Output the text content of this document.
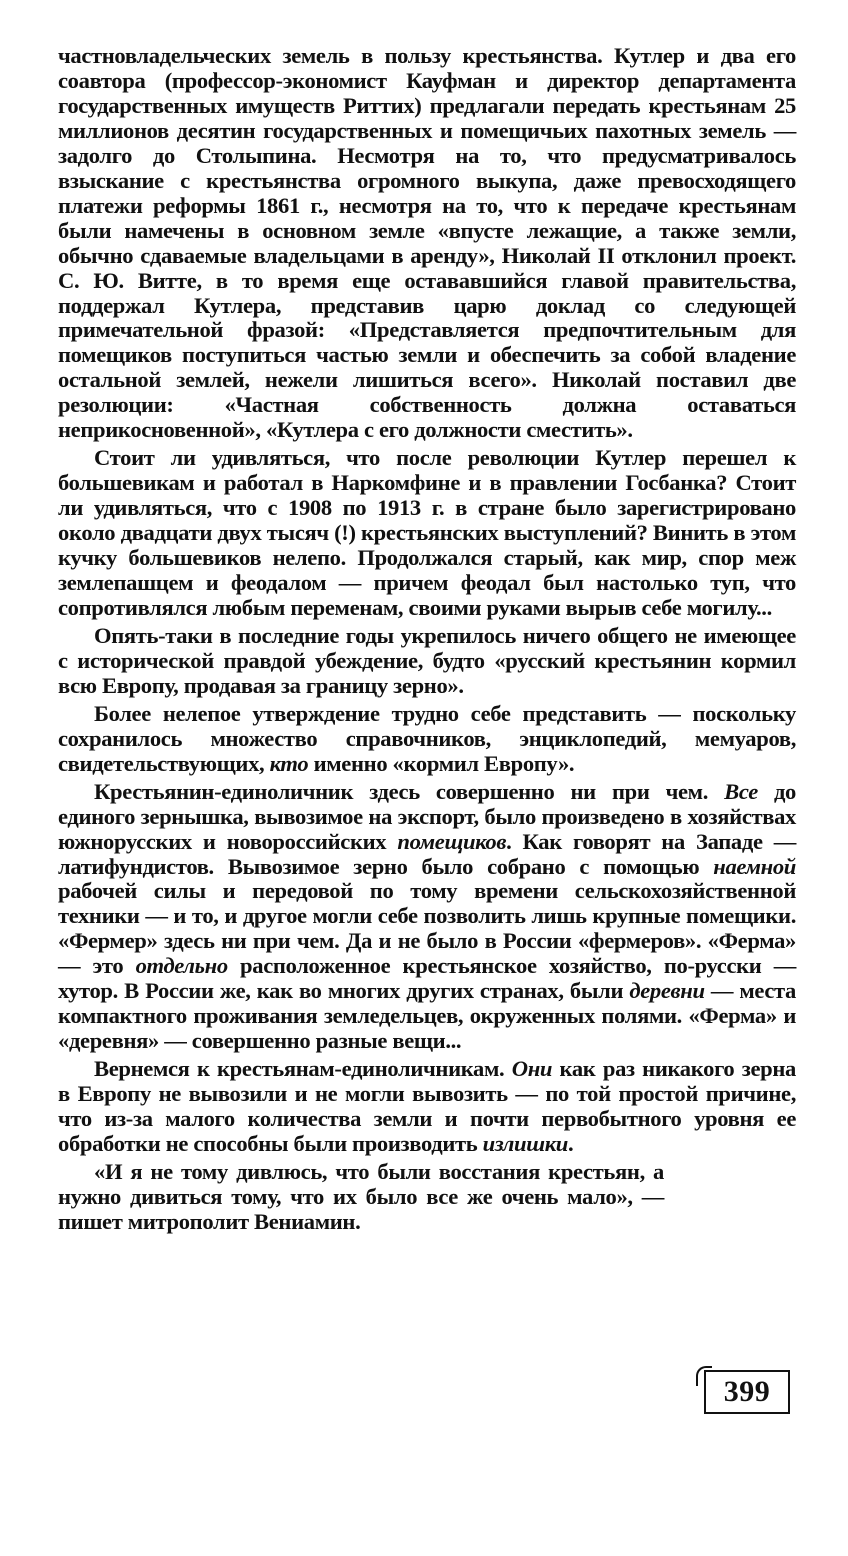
частновладельческих земель в пользу крестьянства. Кутлер и два его соавтора (профессор-экономист Кауфман и директор департамента государственных имуществ Риттих) предлагали передать крестьянам 25 миллионов десятин государственных и помещичьих пахотных земель — задолго до Столыпина. Несмотря на то, что предусматривалось взыскание с крестьянства огромного выкупа, даже превосходящего платежи реформы 1861 г., несмотря на то, что к передаче крестьянам были намечены в основном земле «впусте лежащие, а также земли, обычно сдаваемые владельцами в аренду», Николай II отклонил проект. С. Ю. Витте, в то время еще остававшийся главой правительства, поддержал Кутлера, представив царю доклад со следующей примечательной фразой: «Представляется предпочтительным для помещиков поступиться частью земли и обеспечить за собой владение остальной землей, нежели лишиться всего». Николай поставил две резолюции: «Частная собственность должна оставаться неприкосновенной», «Кутлера с его должности сместить».

Стоит ли удивляться, что после революции Кутлер перешел к большевикам и работал в Наркомфине и в правлении Госбанка? Стоит ли удивляться, что с 1908 по 1913 г. в стране было зарегистрировано около двадцати двух тысяч (!) крестьянских выступлений? Винить в этом кучку большевиков нелепо. Продолжался старый, как мир, спор меж землепашцем и феодалом — причем феодал был настолько туп, что сопротивлялся любым переменам, своими руками вырыв себе могилу...

Опять-таки в последние годы укрепилось ничего общего не имеющее с исторической правдой убеждение, будто «русский крестьянин кормил всю Европу, продавая за границу зерно».

Более нелепое утверждение трудно себе представить — поскольку сохранилось множество справочников, энциклопедий, мемуаров, свидетельствующих, кто именно «кормил Европу».

Крестьянин-единоличник здесь совершенно ни при чем. Все до единого зернышка, вывозимое на экспорт, было произведено в хозяйствах южнорусских и новороссийских помещиков. Как говорят на Западе — латифундистов. Вывозимое зерно было собрано с помощью наемной рабочей силы и передовой по тому времени сельскохозяйственной техники — и то, и другое могли себе позволить лишь крупные помещики. «Фермер» здесь ни при чем. Да и не было в России «фермеров». «Ферма» — это отдельно расположенное крестьянское хозяйство, по-русски — хутор. В России же, как во многих других странах, были деревни — места компактного проживания земледельцев, окруженных полями. «Ферма» и «деревня» — совершенно разные вещи...

Вернемся к крестьянам-единоличникам. Они как раз никакого зерна в Европу не вывозили и не могли вывозить — по той простой причине, что из-за малого количества земли и почти первобытного уровня ее обработки не способны были производить излишки.

«И я не тому дивлюсь, что были восстания крестьян, а нужно дивиться тому, что их было все же очень мало», — пишет митрополит Вениамин.

399
